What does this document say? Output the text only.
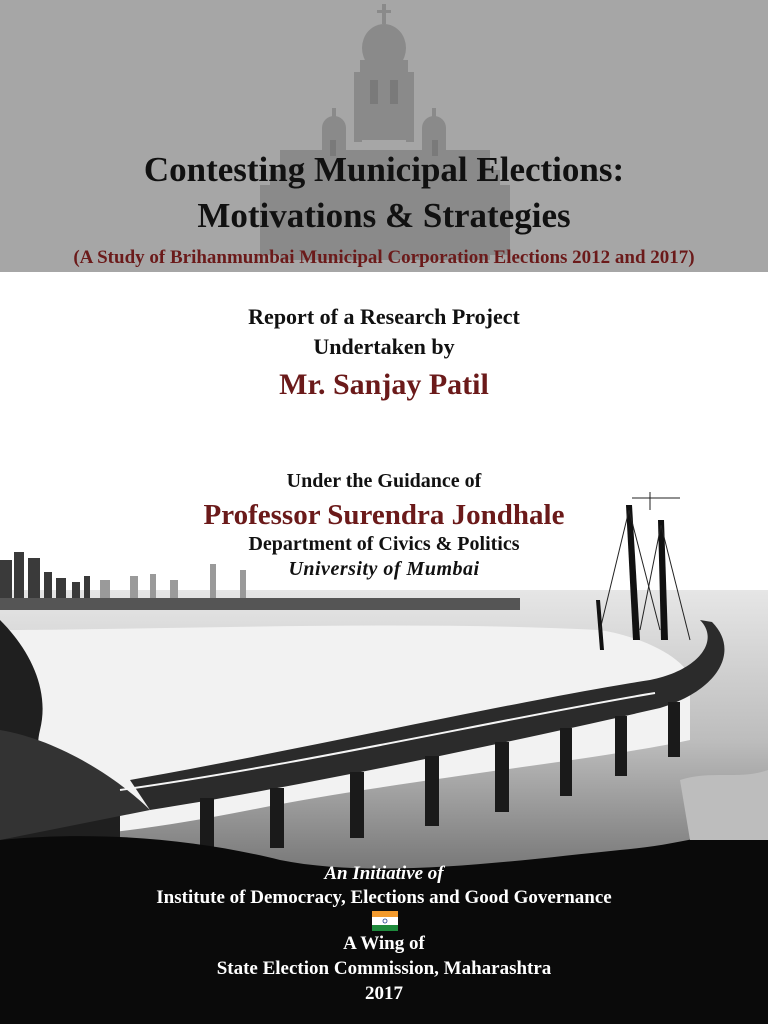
Contesting Municipal Elections:
Motivations & Strategies
(A Study of Brihanmumbai Municipal Corporation Elections 2012 and 2017)
Report of a Research Project
Undertaken by
Mr. Sanjay Patil
Under the Guidance of
Professor Surendra Jondhale
Department of Civics & Politics
University of Mumbai
An Initiative of
Institute of Democracy, Elections and Good Governance
A Wing of
State Election Commission, Maharashtra
2017
